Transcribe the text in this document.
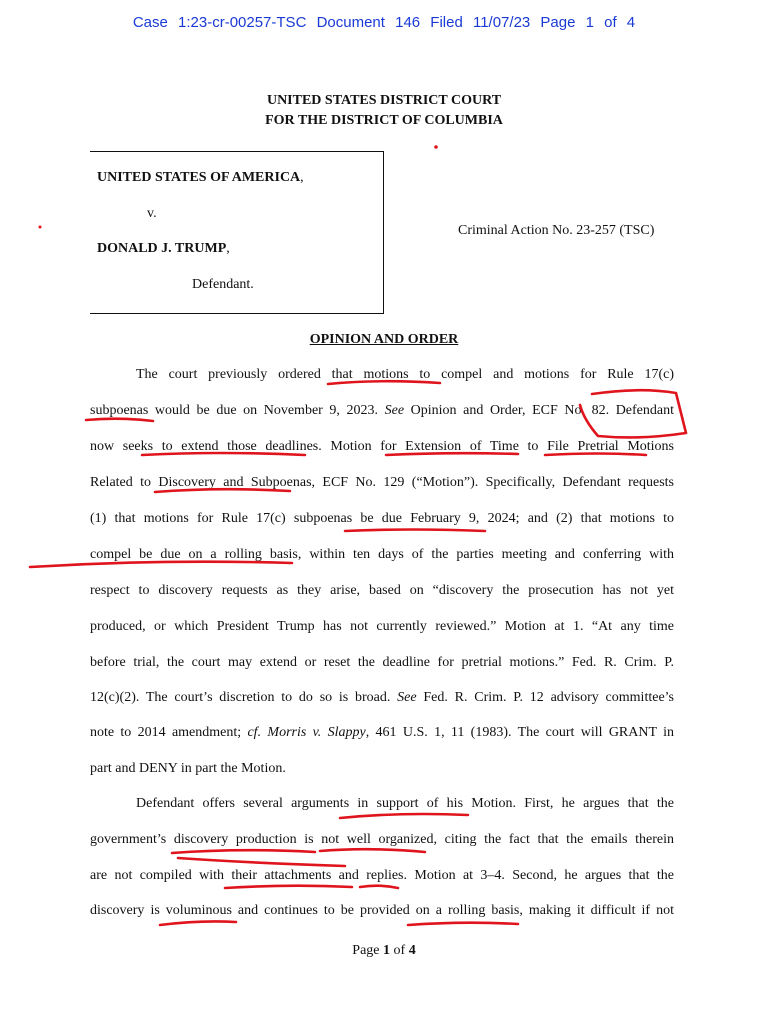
Case 1:23-cr-00257-TSC Document 146 Filed 11/07/23 Page 1 of 4
UNITED STATES DISTRICT COURT
FOR THE DISTRICT OF COLUMBIA
UNITED STATES OF AMERICA,
v.
DONALD J. TRUMP,
Defendant.
Criminal Action No. 23-257 (TSC)
OPINION AND ORDER
The court previously ordered that motions to compel and motions for Rule 17(c)
subpoenas would be due on November 9, 2023. See Opinion and Order, ECF No. 82. Defendant
now seeks to extend those deadlines. Motion for Extension of Time to File Pretrial Motions
Related to Discovery and Subpoenas, ECF No. 129 (“Motion”). Specifically, Defendant requests
(1) that motions for Rule 17(c) subpoenas be due February 9, 2024; and (2) that motions to
compel be due on a rolling basis, within ten days of the parties meeting and conferring with
respect to discovery requests as they arise, based on “discovery the prosecution has not yet
produced, or which President Trump has not currently reviewed.” Motion at 1. “At any time
before trial, the court may extend or reset the deadline for pretrial motions.” Fed. R. Crim. P.
12(c)(2). The court’s discretion to do so is broad. See Fed. R. Crim. P. 12 advisory committee’s
note to 2014 amendment; cf. Morris v. Slappy, 461 U.S. 1, 11 (1983). The court will GRANT in
part and DENY in part the Motion.
Defendant offers several arguments in support of his Motion. First, he argues that the
government’s discovery production is not well organized, citing the fact that the emails therein
are not compiled with their attachments and replies. Motion at 3–4. Second, he argues that the
discovery is voluminous and continues to be provided on a rolling basis, making it difficult if not
Page 1 of 4
